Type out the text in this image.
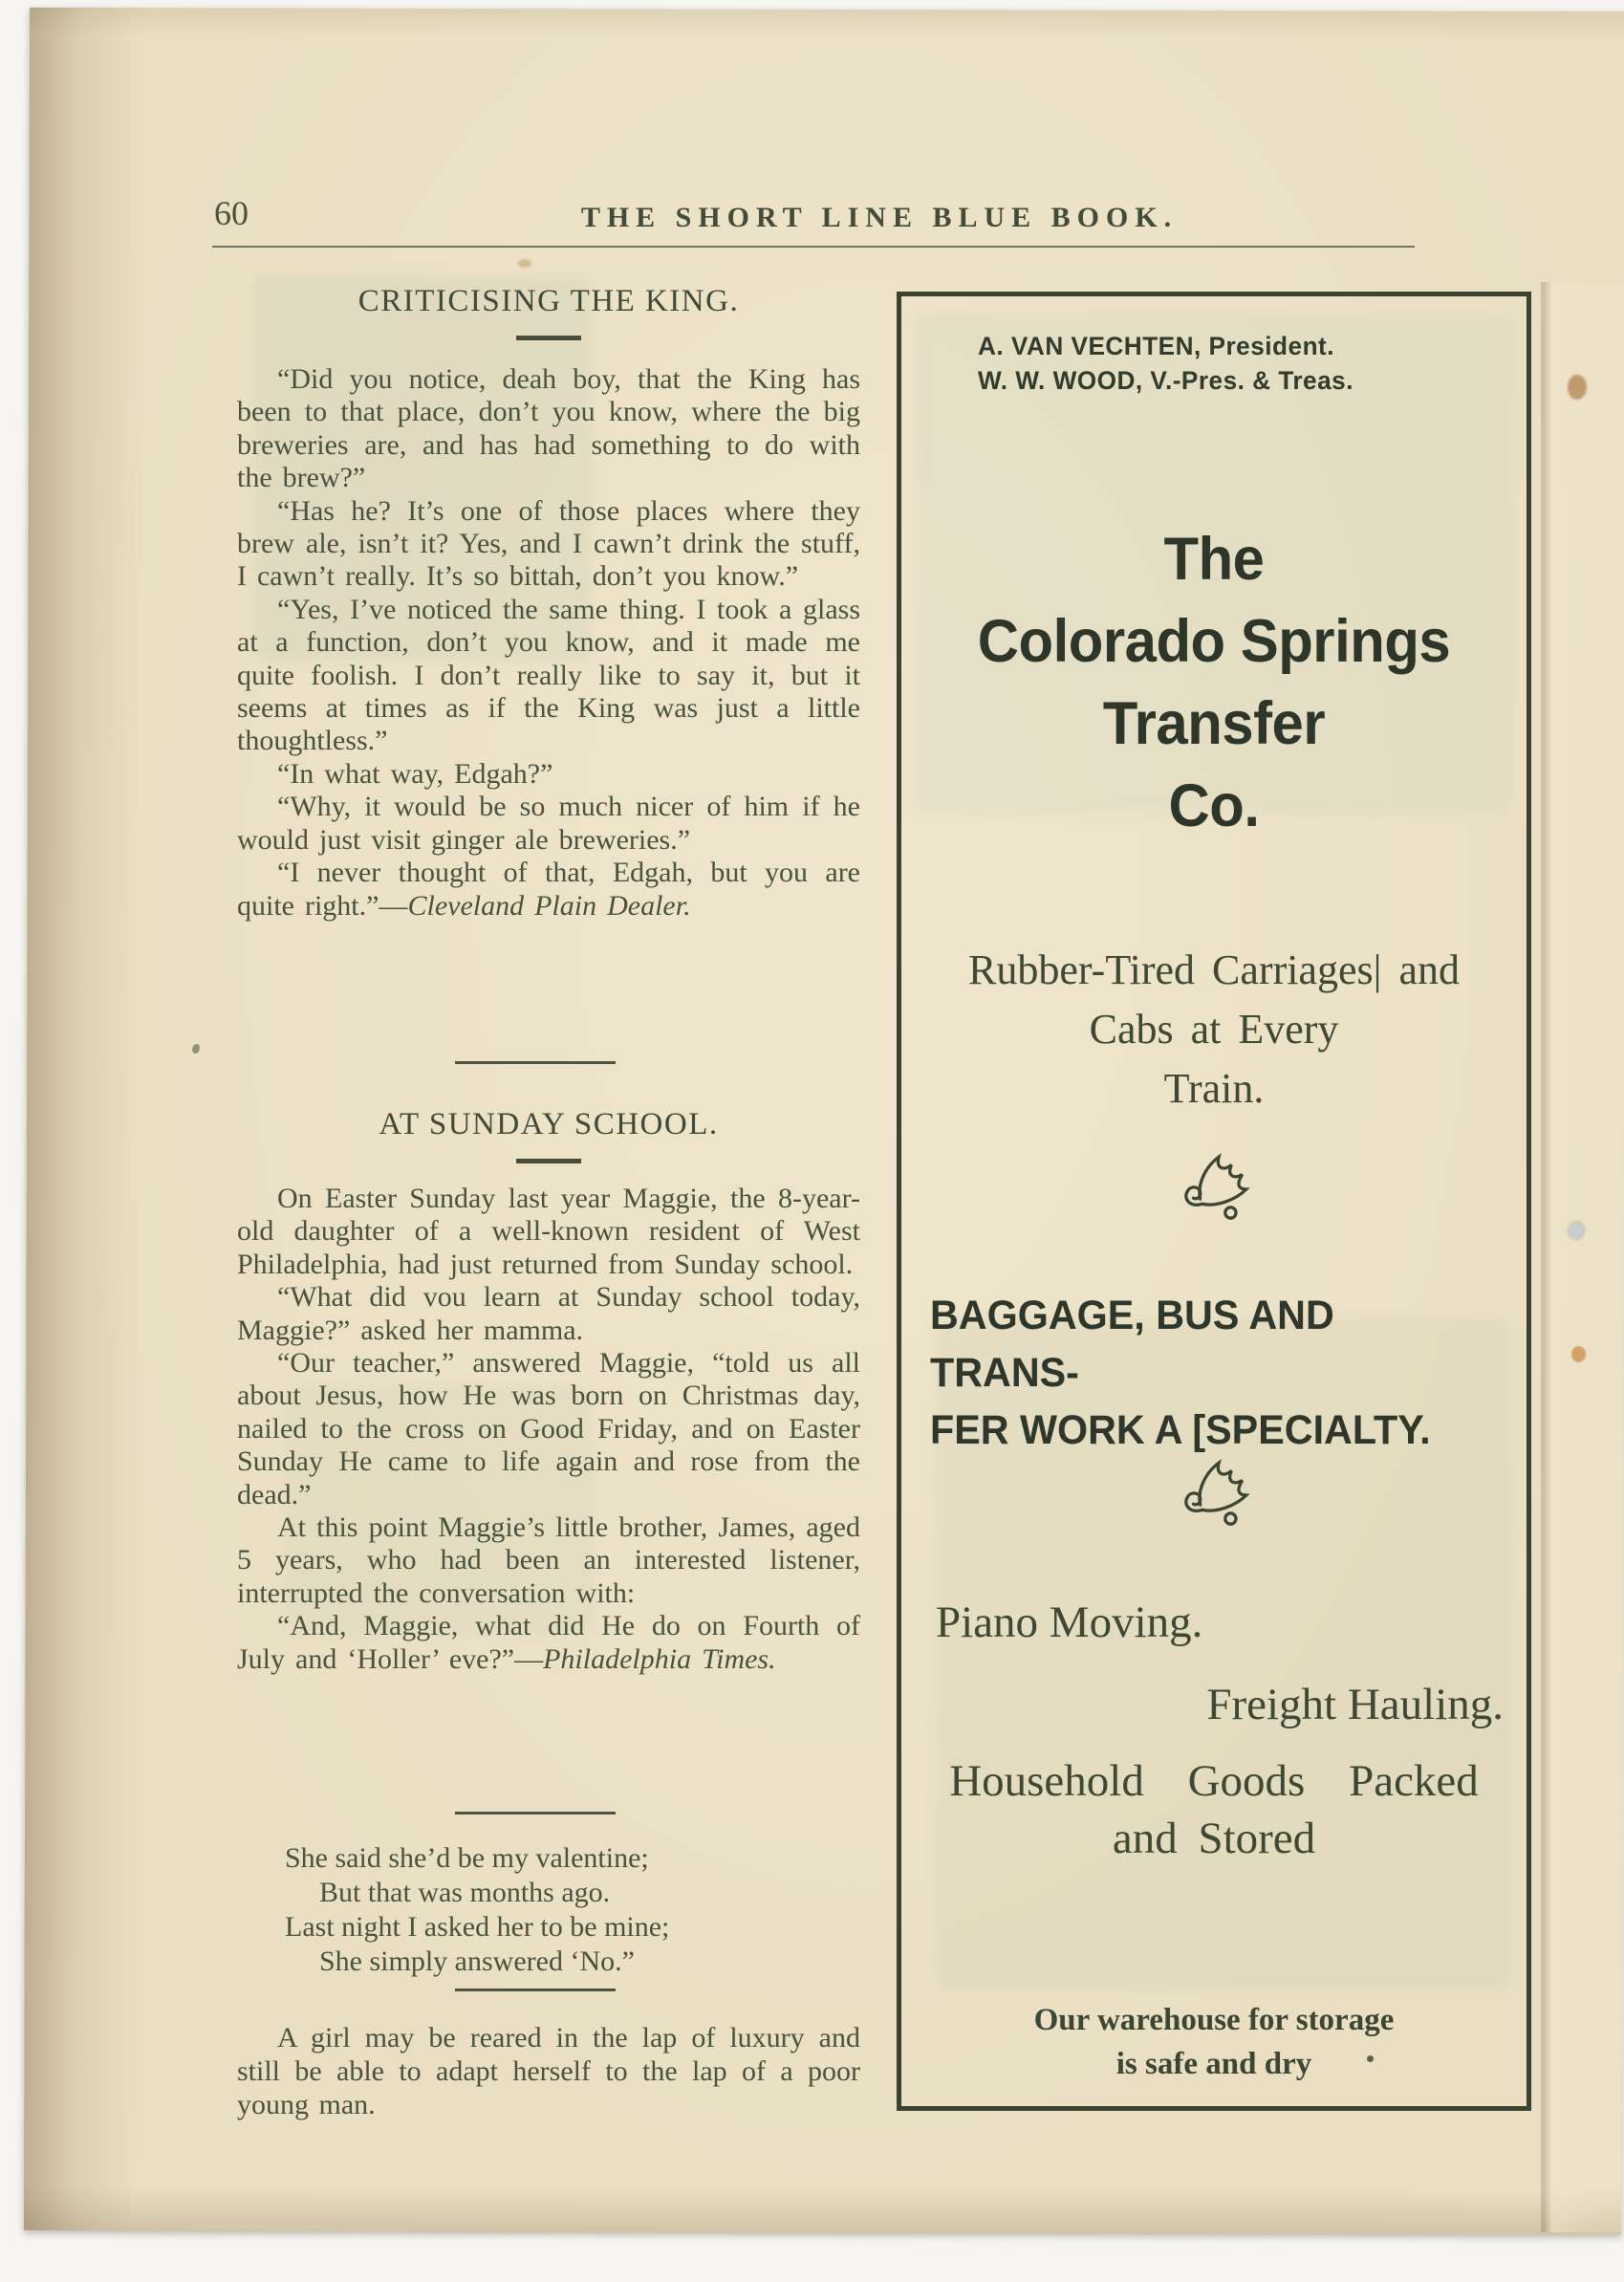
60	THE SHORT LINE BLUE BOOK.
CRITICISING THE KING.

“Did you notice, deah boy, that the King has been to that place, don’t you know, where the big breweries are, and has had something to do with the brew?”

“Has he? It’s one of those places where they brew ale, isn’t it? Yes, and I cawn’t drink the stuff, I cawn’t really. It’s so bittah, don’t you know.”

“Yes, I’ve noticed the same thing. I took a glass at a function, don’t you know, and it made me quite foolish. I don’t really like to say it, but it seems at times as if the King was just a little thoughtless.”

“In what way, Edgah?”

“Why, it would be so much nicer of him if he would just visit ginger ale breweries.”

“I never thought of that, Edgah, but you are quite right.”—Cleveland Plain Dealer.

AT SUNDAY SCHOOL.

On Easter Sunday last year Maggie, the 8-year-old daughter of a well-known resident of West Philadelphia, had just returned from Sunday school.

“What did vou learn at Sunday school today, Maggie?” asked her mamma.

“Our teacher,” answered Maggie, “told us all about Jesus, how He was born on Christmas day, nailed to the cross on Good Friday, and on Easter Sunday He came to life again and rose from the dead.”

At this point Maggie’s little brother, James, aged 5 years, who had been an interested listener, interrupted the conversation with:

“And, Maggie, what did He do on Fourth of July and ‘Holler’ eve?”—Philadelphia Times.

She said she’d be my valentine;
But that was months ago.
Last night I asked her to be mine;
She simply answered ‘No.”

A girl may be reared in the lap of luxury and still be able to adapt herself to the lap of a poor young man.

A. VAN VECHTEN, President.
W. W. WOOD, V.-Pres. & Treas.
The
Colorado Springs
Transfer
Co.
Rubber-Tired Carriages| and
Cabs at Every
Train.
BAGGAGE, BUS AND TRANS-
FER WORK A [SPECIALTY.
Piano Moving.
Freight Hauling.
Household Goods Packed
and Stored
Our warehouse for storage
is safe and dry
